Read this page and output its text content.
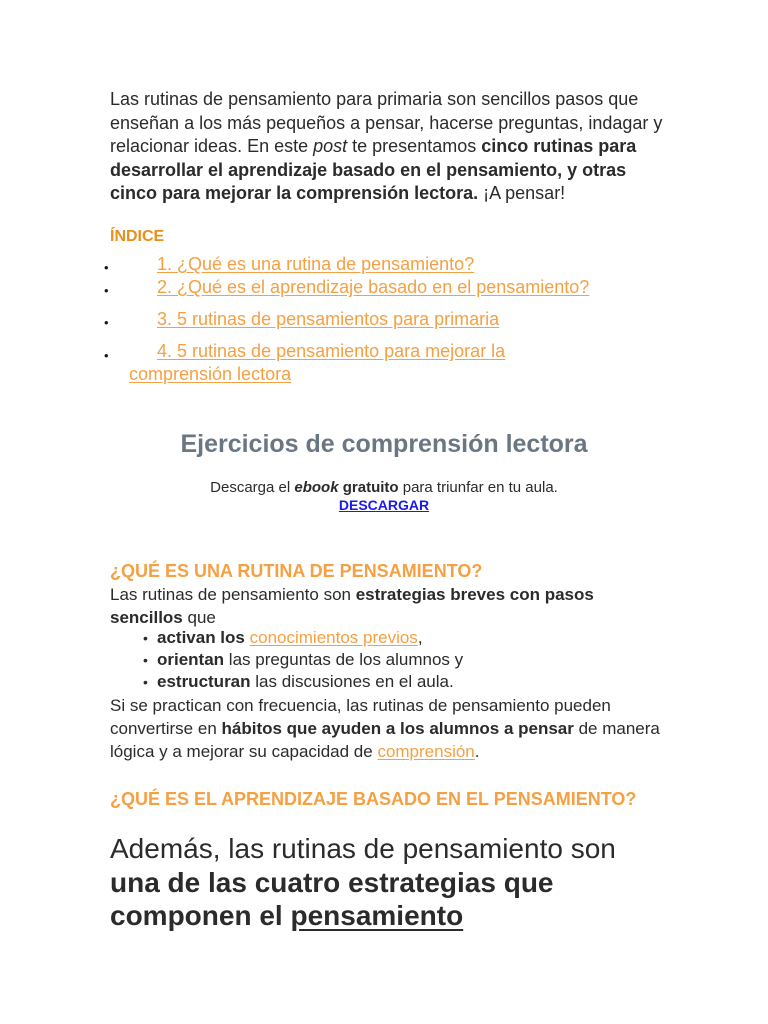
Las rutinas de pensamiento para primaria son sencillos pasos que enseñan a los más pequeños a pensar, hacerse preguntas, indagar y relacionar ideas. En este post te presentamos cinco rutinas para desarrollar el aprendizaje basado en el pensamiento, y otras cinco para mejorar la comprensión lectora. ¡A pensar!
ÍNDICE
•	1. ¿Qué es una rutina de pensamiento?
•	2. ¿Qué es el aprendizaje basado en el pensamiento?
•	3. 5 rutinas de pensamientos para primaria
•	4. 5 rutinas de pensamiento para mejorar la
comprensión lectora
Ejercicios de comprensión lectora
Descarga el ebook gratuito para triunfar en tu aula.
DESCARGAR
¿QUÉ ES UNA RUTINA DE PENSAMIENTO?
Las rutinas de pensamiento son estrategias breves con pasos sencillos que
• activan los conocimientos previos,
• orientan las preguntas de los alumnos y
• estructuran las discusiones en el aula.
Si se practican con frecuencia, las rutinas de pensamiento pueden convertirse en hábitos que ayuden a los alumnos a pensar de manera lógica y a mejorar su capacidad de comprensión.
¿QUÉ ES EL APRENDIZAJE BASADO EN EL PENSAMIENTO?
Además, las rutinas de pensamiento son una de las cuatro estrategias que componen el pensamiento
